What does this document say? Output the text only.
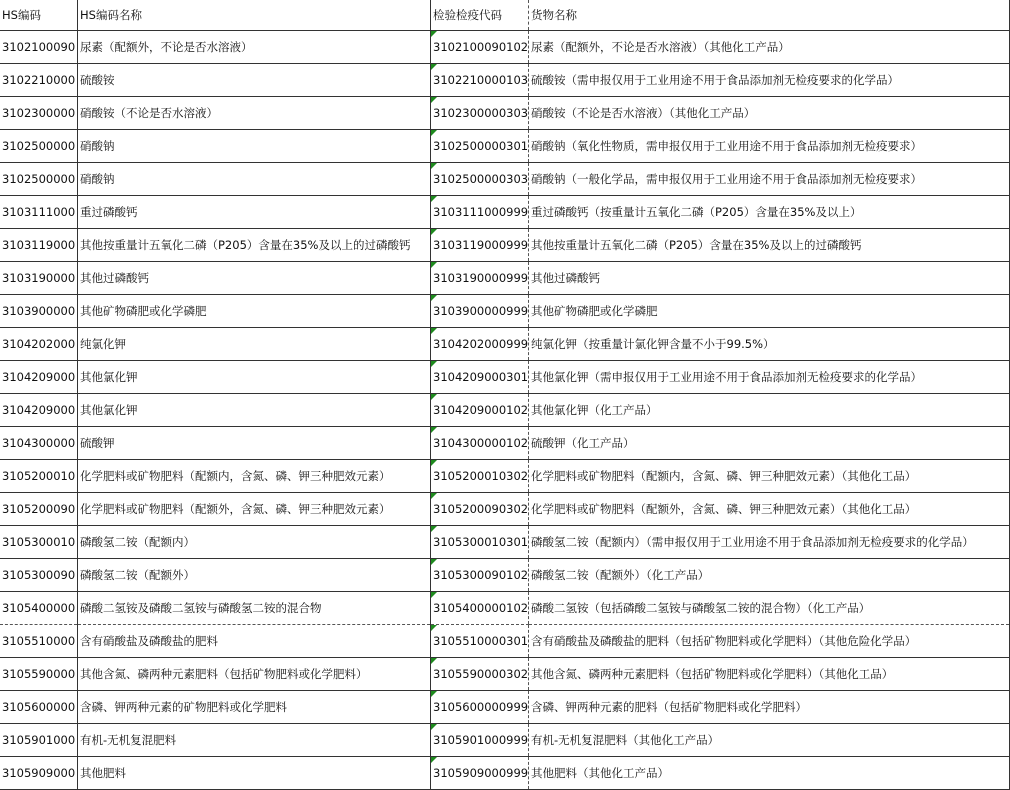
HS编码	HS编码名称	检验检疫代码	货物名称
3102100090	尿素（配额外，不论是否水溶液）	3102100090102	尿素（配额外，不论是否水溶液）（其他化工产品）
3102210000	硫酸铵	3102210000103	硫酸铵（需申报仅用于工业用途不用于食品添加剂无检疫要求的化学品）
3102300000	硝酸铵（不论是否水溶液）	3102300000303	硝酸铵（不论是否水溶液）（其他化工产品）
3102500000	硝酸钠	3102500000301	硝酸钠（氧化性物质，需申报仅用于工业用途不用于食品添加剂无检疫要求）
3102500000	硝酸钠	3102500000303	硝酸钠（一般化学品，需申报仅用于工业用途不用于食品添加剂无检疫要求）
3103111000	重过磷酸钙	3103111000999	重过磷酸钙（按重量计五氧化二磷（P205）含量在35%及以上）
3103119000	其他按重量计五氧化二磷（P205）含量在35%及以上的过磷酸钙	3103119000999	其他按重量计五氧化二磷（P205）含量在35%及以上的过磷酸钙
3103190000	其他过磷酸钙	3103190000999	其他过磷酸钙
3103900000	其他矿物磷肥或化学磷肥	3103900000999	其他矿物磷肥或化学磷肥
3104202000	纯氯化钾	3104202000999	纯氯化钾（按重量计氯化钾含量不小于99.5%）
3104209000	其他氯化钾	3104209000301	其他氯化钾（需申报仅用于工业用途不用于食品添加剂无检疫要求的化学品）
3104209000	其他氯化钾	3104209000102	其他氯化钾（化工产品）
3104300000	硫酸钾	3104300000102	硫酸钾（化工产品）
3105200010	化学肥料或矿物肥料（配额内，含氮、磷、钾三种肥效元素）	3105200010302	化学肥料或矿物肥料（配额内，含氮、磷、钾三种肥效元素）（其他化工品）
3105200090	化学肥料或矿物肥料（配额外，含氮、磷、钾三种肥效元素）	3105200090302	化学肥料或矿物肥料（配额外，含氮、磷、钾三种肥效元素）（其他化工品）
3105300010	磷酸氢二铵（配额内）	3105300010301	磷酸氢二铵（配额内）（需申报仅用于工业用途不用于食品添加剂无检疫要求的化学品）
3105300090	磷酸氢二铵（配额外）	3105300090102	磷酸氢二铵（配额外）（化工产品）
3105400000	磷酸二氢铵及磷酸二氢铵与磷酸氢二铵的混合物	3105400000102	磷酸二氢铵（包括磷酸二氢铵与磷酸氢二铵的混合物）（化工产品）
3105510000	含有硝酸盐及磷酸盐的肥料	3105510000301	含有硝酸盐及磷酸盐的肥料（包括矿物肥料或化学肥料）（其他危险化学品）
3105590000	其他含氮、磷两种元素肥料（包括矿物肥料或化学肥料）	3105590000302	其他含氮、磷两种元素肥料（包括矿物肥料或化学肥料）（其他化工品）
3105600000	含磷、钾两种元素的矿物肥料或化学肥料	3105600000999	含磷、钾两种元素的肥料（包括矿物肥料或化学肥料）
3105901000	有机-无机复混肥料	3105901000999	有机-无机复混肥料（其他化工产品）
3105909000	其他肥料	3105909000999	其他肥料（其他化工产品）
